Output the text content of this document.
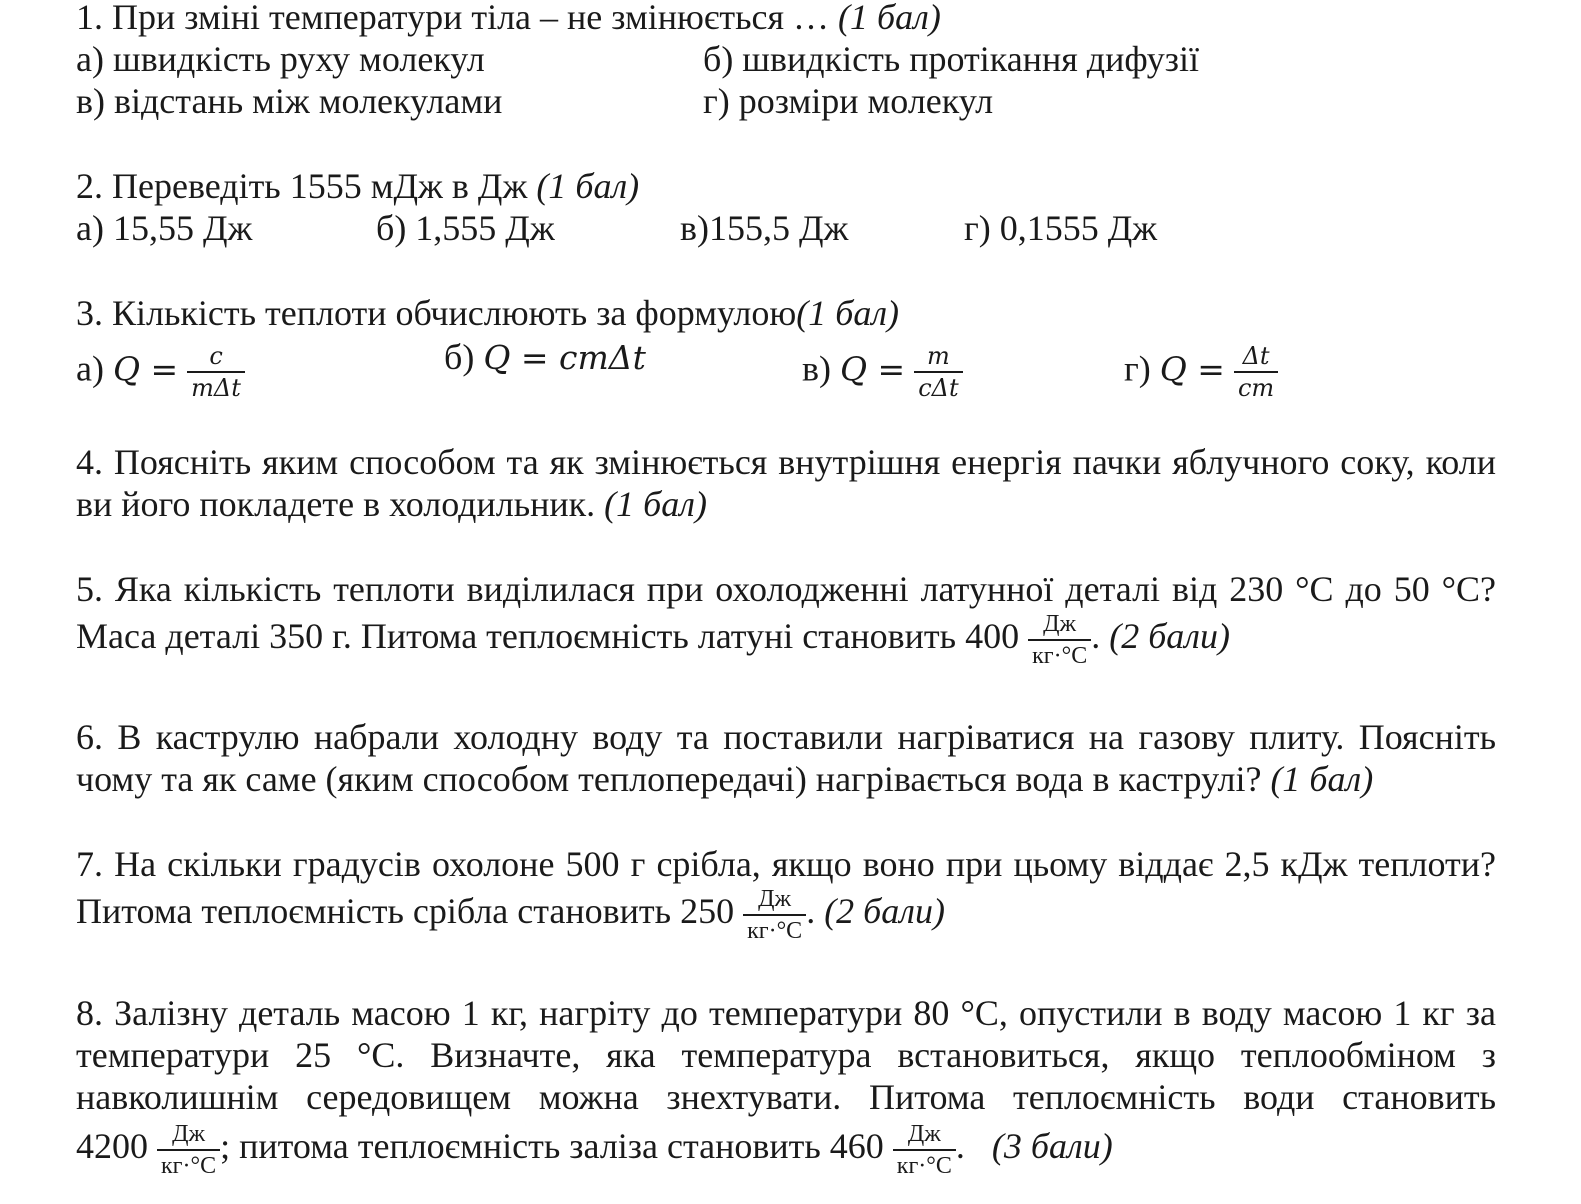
1. При зміні температури тіла – не змінюється … (1 бал)
а) швидкість руху молекул	б) швидкість протікання дифузії
в) відстань між молекулами	г) розміри молекул
2. Переведіть 1555 мДж в Дж (1 бал)
а) 15,55 Дж	б) 1,555 Дж	в)155,5 Дж	г) 0,1555 Дж
3. Кількість теплоти обчислюють за формулою(1 бал)
а) $Q = \frac{c}{\text{mΔt}}$	б) Q = cmΔt	в) $Q = \frac{m}{\text{cΔt}}$	г) $Q = \frac{\Delta t}{cm}$
4. Поясніть яким способом та як змінюється внутрішня енергія пачки яблучного соку, коли
ви його покладете в холодильник. (1 бал)
5. Яка кількість теплоти виділилася при охолодженні латунної деталі від 230 °С до 50 °С?
Маса деталі 350 г. Питома теплоємність латуні становить $400 \frac{Дж}{кг\cdot^\circ С}$ . (2 бали)
6. В каструлю набрали холодну воду та поставили нагріватися на газову плиту. Поясніть
чому та як саме (яким способом теплопередачі) нагрівається вода в каструлі? (1 бал)
7. На скільки градусів охолоне 500 г срібла, якщо воно при цьому віддає 2,5 кДж теплоти?
Питома теплоємність срібла становить $250 \frac{Дж}{кг\cdot^\circ С}$ . (2 бали)
8. Залізну деталь масою 1 кг, нагріту до температури 80 °С, опустили в воду масою 1 кг за
температури 25 °С. Визначте, яка температура встановиться, якщо теплообміном з
навколишнім середовищем можна знехтувати. Питома теплоємність води становить
$4200 \frac{Дж}{кг\cdot^\circ С}$ ; питома теплоємність заліза становить $460 \frac{Дж}{кг\cdot^\circ С}$ .   (3 бали)
